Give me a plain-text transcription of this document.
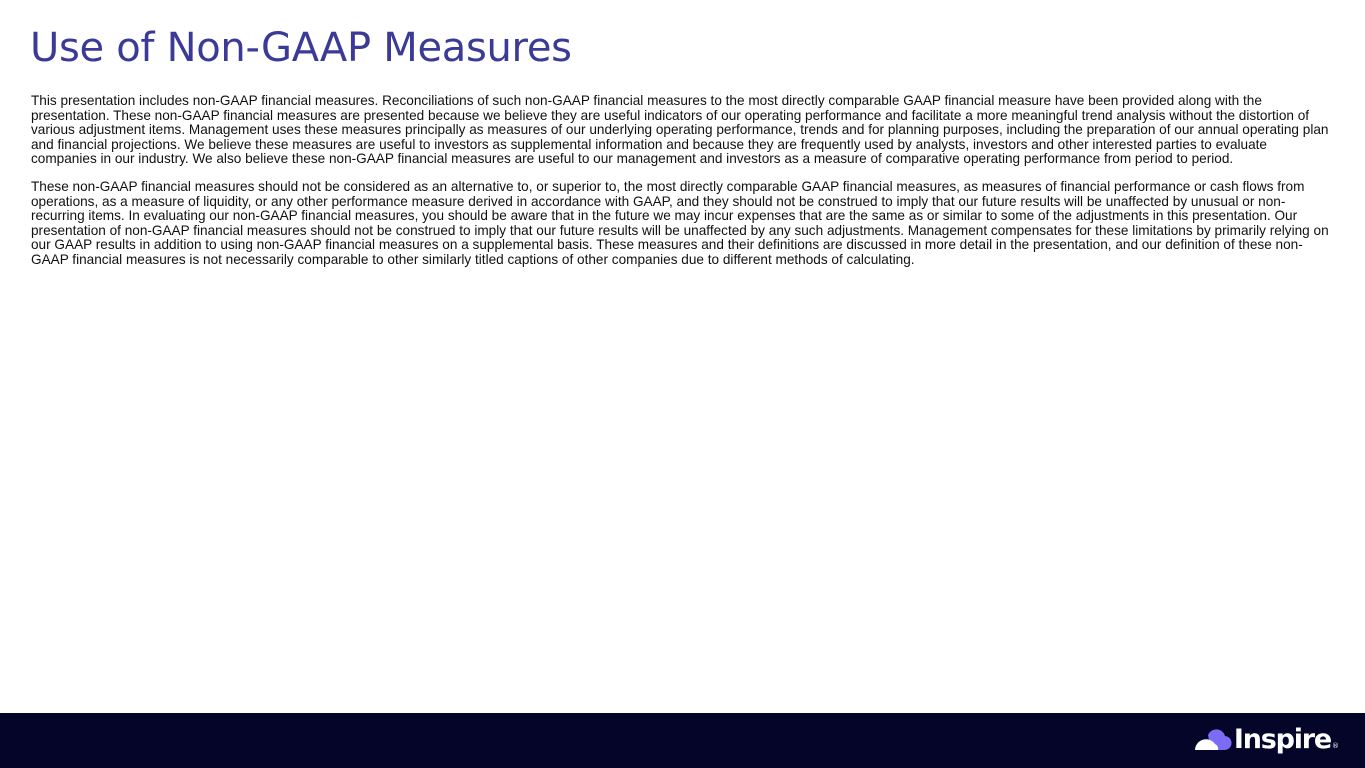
Use of Non-GAAP Measures

This presentation includes non-GAAP financial measures. Reconciliations of such non-GAAP financial measures to the most directly comparable GAAP financial measure have been provided along with the presentation. These non-GAAP financial measures are presented because we believe they are useful indicators of our operating performance and facilitate a more meaningful trend analysis without the distortion of various adjustment items. Management uses these measures principally as measures of our underlying operating performance, trends and for planning purposes, including the preparation of our annual operating plan and financial projections. We believe these measures are useful to investors as supplemental information and because they are frequently used by analysts, investors and other interested parties to evaluate companies in our industry. We also believe these non-GAAP financial measures are useful to our management and investors as a measure of comparative operating performance from period to period.

These non-GAAP financial measures should not be considered as an alternative to, or superior to, the most directly comparable GAAP financial measures, as measures of financial performance or cash flows from operations, as a measure of liquidity, or any other performance measure derived in accordance with GAAP, and they should not be construed to imply that our future results will be unaffected by unusual or non-recurring items. In evaluating our non-GAAP financial measures, you should be aware that in the future we may incur expenses that are the same as or similar to some of the adjustments in this presentation. Our presentation of non-GAAP financial measures should not be construed to imply that our future results will be unaffected by any such adjustments. Management compensates for these limitations by primarily relying on our GAAP results in addition to using non-GAAP financial measures on a supplemental basis. These measures and their definitions are discussed in more detail in the presentation, and our definition of these non-GAAP financial measures is not necessarily comparable to other similarly titled captions of other companies due to different methods of calculating.

Inspire ®
